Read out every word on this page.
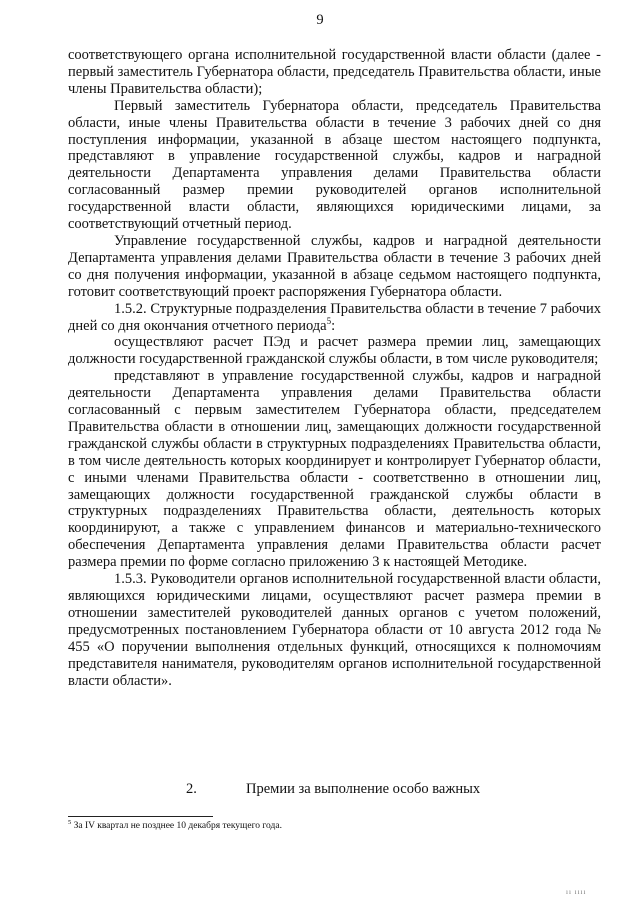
9

соответствующего органа исполнительной государственной власти области (далее - первый заместитель Губернатора области, председатель Правительства области, иные члены Правительства области);

Первый заместитель Губернатора области, председатель Правительства области, иные члены Правительства области в течение 3 рабочих дней со дня поступления информации, указанной в абзаце шестом настоящего подпункта, представляют в управление государственной службы, кадров и наградной деятельности Департамента управления делами Правительства области согласованный размер премии руководителей органов исполнительной государственной власти области, являющихся юридическими лицами, за соответствующий отчетный период.

Управление государственной службы, кадров и наградной деятельности Департамента управления делами Правительства области в течение 3 рабочих дней со дня получения информации, указанной в абзаце седьмом настоящего подпункта, готовит соответствующий проект распоряжения Губернатора области.

1.5.2. Структурные подразделения Правительства области в течение 7 рабочих дней со дня окончания отчетного периода$^5$:

осуществляют расчет ПЭд и расчет размера премии лиц, замещающих должности государственной гражданской службы области, в том числе руководителя;

представляют в управление государственной службы, кадров и наградной деятельности Департамента управления делами Правительства области согласованный с первым заместителем Губернатора области, председателем Правительства области в отношении лиц, замещающих должности государственной гражданской службы области в структурных подразделениях Правительства области, в том числе деятельность которых координирует и контролирует Губернатор области, с иными членами Правительства области - соответственно в отношении лиц, замещающих должности государственной гражданской службы области в структурных подразделениях Правительства области, деятельность которых координируют, а также с управлением финансов и материально-технического обеспечения Департамента управления делами Правительства области расчет размера премии по форме согласно приложению 3 к настоящей Методике.

1.5.3. Руководители органов исполнительной государственной власти области, являющихся юридическими лицами, осуществляют расчет размера премии в отношении заместителей руководителей данных органов с учетом положений, предусмотренных постановлением Губернатора области от 10 августа 2012 года № 455 «О поручении выполнения отдельных функций, относящихся к полномочиям представителя нанимателя, руководителям органов исполнительной государственной власти области».

2.	Премии за выполнение особо важных
$^5$ За IV квартал не позднее 10 декабря текущего года.
ıı ıııı
